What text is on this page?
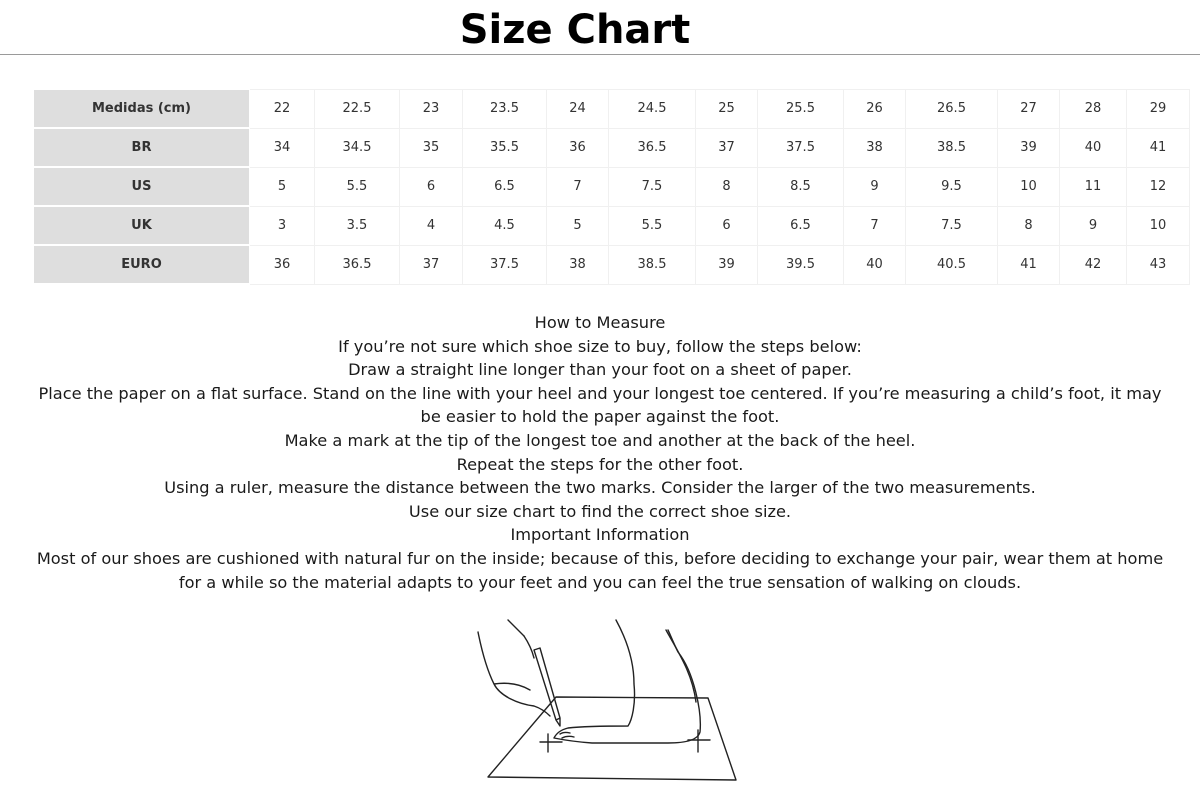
Size Chart
Medidas (cm)	22	22.5	23	23.5	24	24.5	25	25.5	26	26.5	27	28	29
BR	34	34.5	35	35.5	36	36.5	37	37.5	38	38.5	39	40	41
US	5	5.5	6	6.5	7	7.5	8	8.5	9	9.5	10	11	12
UK	3	3.5	4	4.5	5	5.5	6	6.5	7	7.5	8	9	10
EURO	36	36.5	37	37.5	38	38.5	39	39.5	40	40.5	41	42	43

How to Measure

If you’re not sure which shoe size to buy, follow the steps below:

Draw a straight line longer than your foot on a sheet of paper.

Place the paper on a flat surface. Stand on the line with your heel and your longest toe centered. If you’re measuring a child’s foot, it may be easier to hold the paper against the foot.

Make a mark at the tip of the longest toe and another at the back of the heel.

Repeat the steps for the other foot.

Using a ruler, measure the distance between the two marks. Consider the larger of the two measurements.

Use our size chart to find the correct shoe size.

Important Information

Most of our shoes are cushioned with natural fur on the inside; because of this, before deciding to exchange your pair, wear them at home for a while so the material adapts to your feet and you can feel the true sensation of walking on clouds.
